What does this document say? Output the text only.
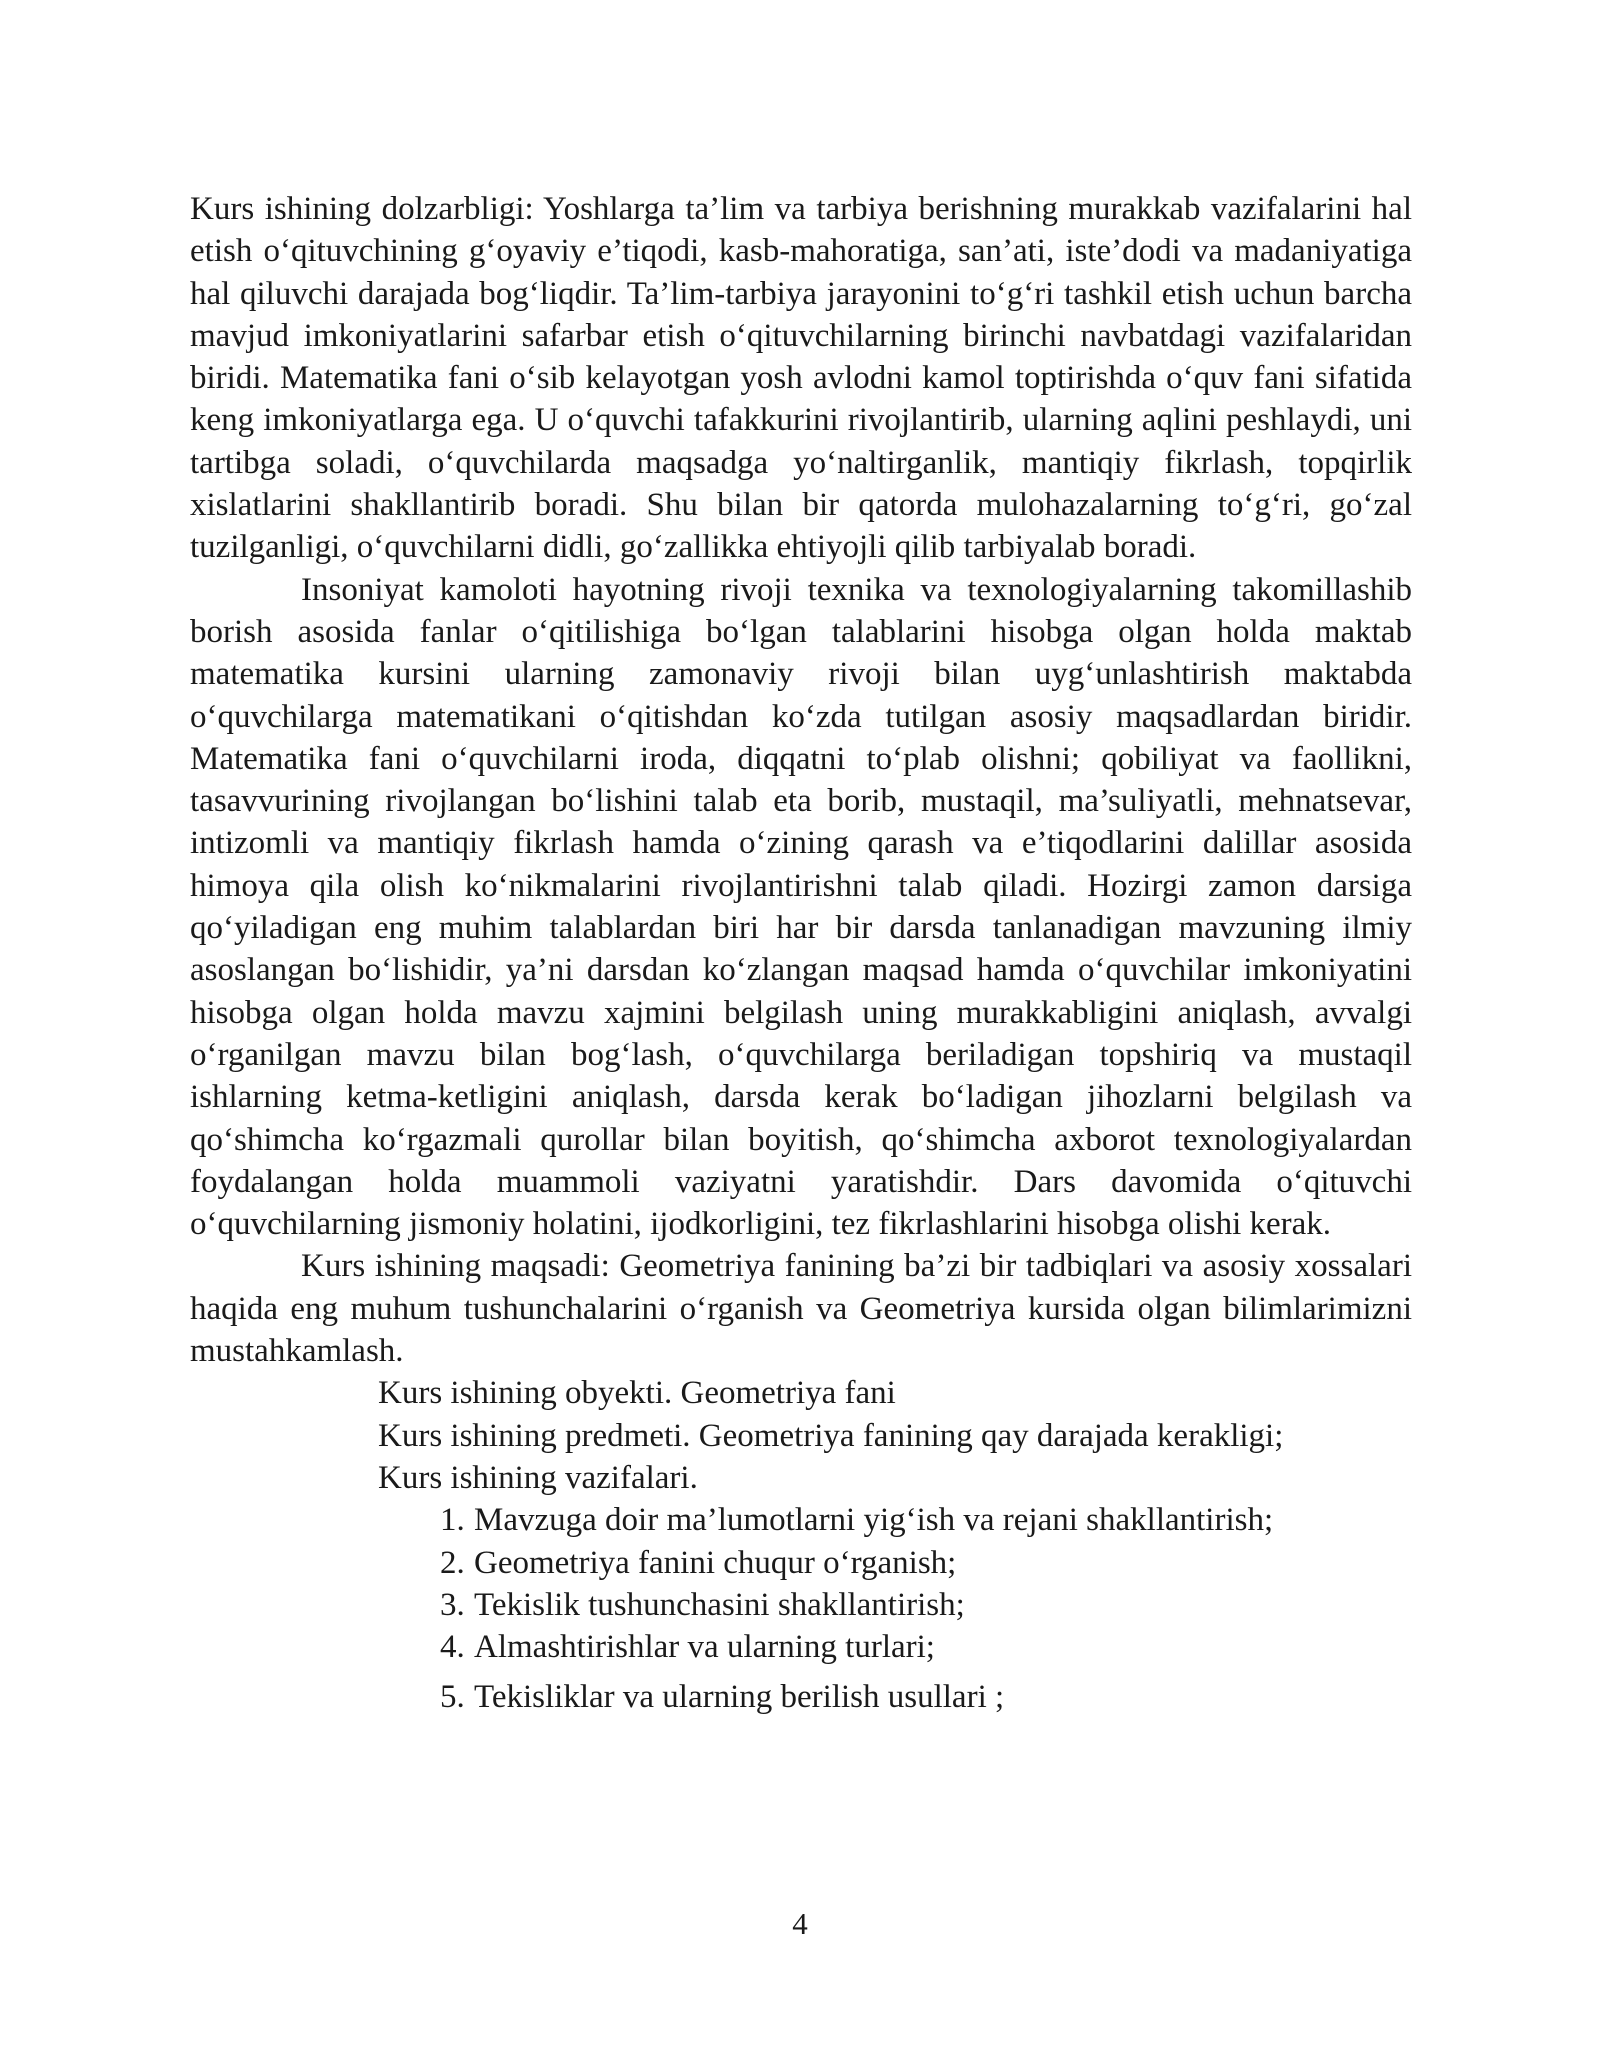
Kurs ishining dolzarbligi: Yoshlarga ta’lim va tarbiya berishning murakkab vazifalarini hal etish o‘qituvchining g‘oyaviy e’tiqodi, kasb-mahoratiga, san’ati, iste’dodi va madaniyatiga hal qiluvchi darajada bog‘liqdir. Ta’lim-tarbiya jarayonini to‘g‘ri tashkil etish uchun barcha mavjud imkoniyatlarini safarbar etish o‘qituvchilarning birinchi navbatdagi vazifalaridan biridi. Matematika fani o‘sib kelayotgan yosh avlodni kamol toptirishda o‘quv fani sifatida keng imkoniyatlarga ega. U o‘quvchi tafakkurini rivojlantirib, ularning aqlini peshlaydi, uni tartibga soladi, o‘quvchilarda maqsadga yo‘naltirganlik, mantiqiy fikrlash, topqirlik xislatlarini shakllantirib boradi. Shu bilan bir qatorda mulohazalarning to‘g‘ri, go‘zal tuzilganligi, o‘quvchilarni didli, go‘zallikka ehtiyojli qilib tarbiyalab boradi.

Insoniyat kamoloti hayotning rivoji texnika va texnologiyalarning takomillashib borish asosida fanlar o‘qitilishiga bo‘lgan talablarini hisobga olgan holda maktab matematika kursini ularning zamonaviy rivoji bilan uyg‘unlashtirish maktabda o‘quvchilarga matematikani o‘qitishdan ko‘zda tutilgan asosiy maqsadlardan biridir. Matematika fani o‘quvchilarni iroda, diqqatni to‘plab olishni; qobiliyat va faollikni, tasavvurining rivojlangan bo‘lishini talab eta borib, mustaqil, ma’suliyatli, mehnatsevar, intizomli va mantiqiy fikrlash hamda o‘zining qarash va e’tiqodlarini dalillar asosida himoya qila olish ko‘nikmalarini rivojlantirishni talab qiladi. Hozirgi zamon darsiga qo‘yiladigan eng muhim talablardan biri har bir darsda tanlanadigan mavzuning ilmiy asoslangan bo‘lishidir, ya’ni darsdan ko‘zlangan maqsad hamda o‘quvchilar imkoniyatini hisobga olgan holda mavzu xajmini belgilash uning murakkabligini aniqlash, avvalgi o‘rganilgan mavzu bilan bog‘lash, o‘quvchilarga beriladigan topshiriq va mustaqil ishlarning ketma-ketligini aniqlash, darsda kerak bo‘ladigan jihozlarni belgilash va qo‘shimcha ko‘rgazmali qurollar bilan boyitish, qo‘shimcha axborot texnologiyalardan foydalangan holda muammoli vaziyatni yaratishdir. Dars davomida o‘qituvchi o‘quvchilarning jismoniy holatini, ijodkorligini, tez fikrlashlarini hisobga olishi kerak.

Kurs ishining maqsadi: Geometriya fanining ba’zi bir tadbiqlari va asosiy xossalari haqida eng muhum tushunchalarini o‘rganish va Geometriya kursida olgan bilimlarimizni mustahkamlash.

Kurs ishining obyekti. Geometriya fani

Kurs ishining predmeti. Geometriya fanining qay darajada kerakligi;

Kurs ishining vazifalari.

1. Mavzuga doir ma’lumotlarni yig‘ish va rejani shakllantirish;
2. Geometriya fanini chuqur o‘rganish;
3. Tekislik tushunchasini shakllantirish;
4. Almashtirishlar va ularning turlari;
5. Tekisliklar va ularning berilish usullari ;
4
